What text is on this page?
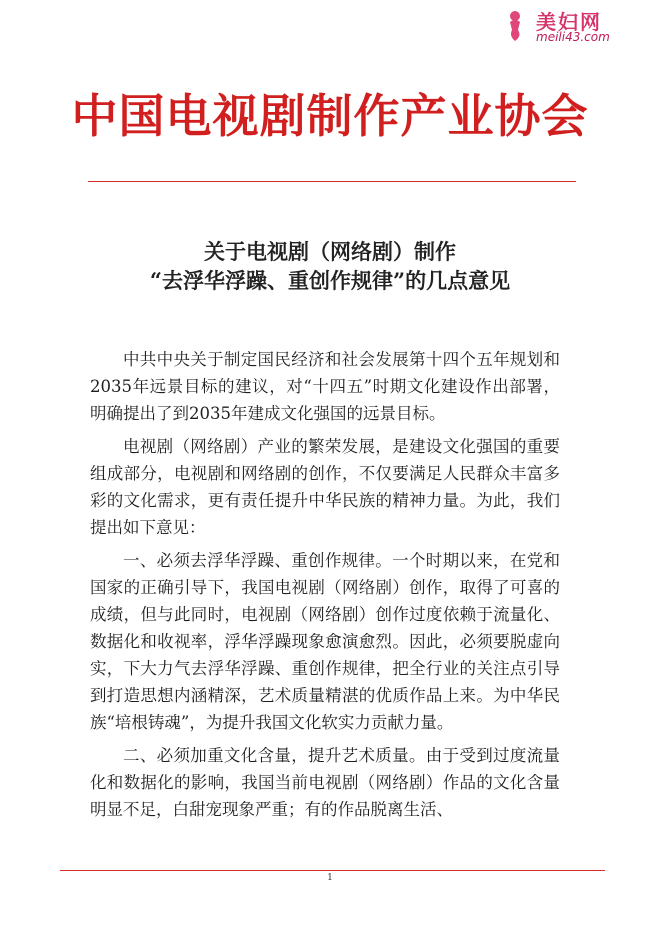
美妇网
meili43.com
中国电视剧制作产业协会
关于电视剧（网络剧）制作
“去浮华浮躁、重创作规律”的几点意见

中共中央关于制定国民经济和社会发展第十四个五年规划和2035年远景目标的建议，对“十四五”时期文化建设作出部署，明确提出了到2035年建成文化强国的远景目标。

电视剧（网络剧）产业的繁荣发展，是建设文化强国的重要组成部分，电视剧和网络剧的创作，不仅要满足人民群众丰富多彩的文化需求，更有责任提升中华民族的精神力量。为此，我们提出如下意见：

一、必须去浮华浮躁、重创作规律。一个时期以来，在党和国家的正确引导下，我国电视剧（网络剧）创作，取得了可喜的成绩，但与此同时，电视剧（网络剧）创作过度依赖于流量化、数据化和收视率，浮华浮躁现象愈演愈烈。因此，必须要脱虚向实，下大力气去浮华浮躁、重创作规律，把全行业的关注点引导到打造思想内涵精深，艺术质量精湛的优质作品上来。为中华民族“培根铸魂”，为提升我国文化软实力贡献力量。

二、必须加重文化含量，提升艺术质量。由于受到过度流量化和数据化的影响，我国当前电视剧（网络剧）作品的文化含量明显不足，白甜宠现象严重；有的作品脱离生活、

1
